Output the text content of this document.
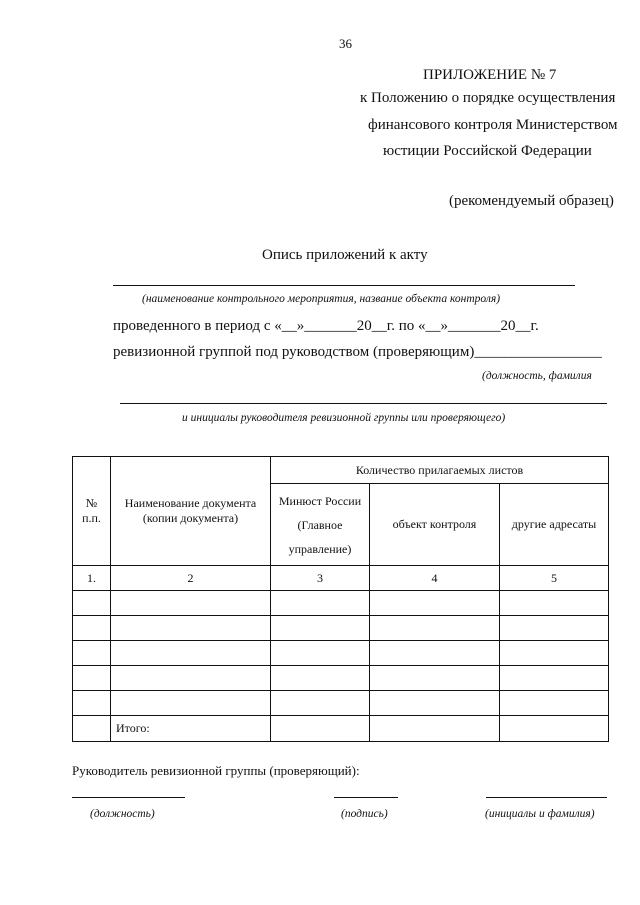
36
ПРИЛОЖЕНИЕ № 7
к Положению о порядке осуществления
финансового контроля Министерством
юстиции Российской Федерации
(рекомендуемый образец)
Опись приложений к акту
(наименование контрольного мероприятия, название объекта контроля)
проведенного в период с «__»_______20__г. по «__»_______20__г.
ревизионной группой под руководством (проверяющим)_________________
(должность, фамилия
и инициалы руководителя ревизионной группы или проверяющего)
№ п.п.	Наименование документа (копии документа)	Количество прилагаемых листов		
		Минюст России (Главное управление)	объект контроля	другие адресаты
1.	2	3	4	5

	Итого:			
Руководитель ревизионной группы (проверяющий):
(должность)	(подпись)	(инициалы и фамилия)
